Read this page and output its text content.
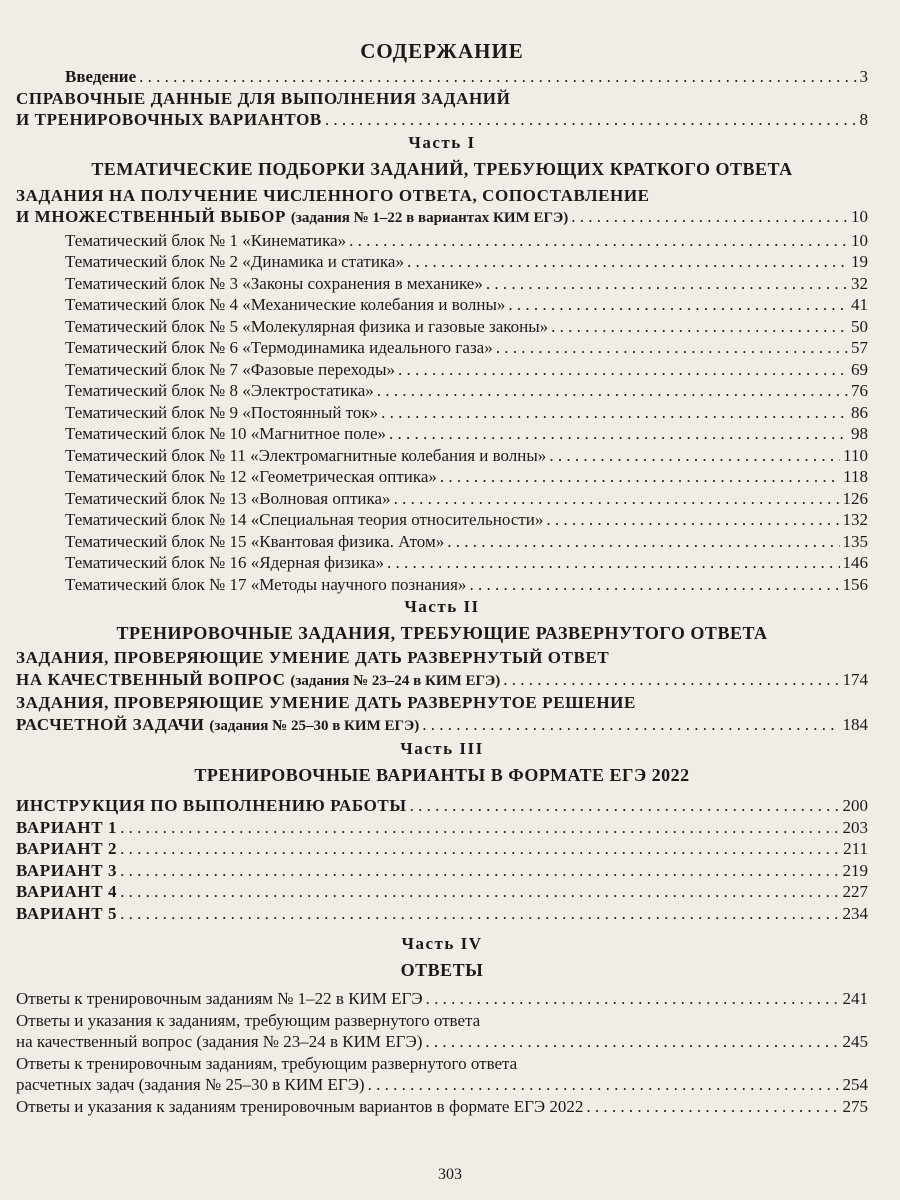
СОДЕРЖАНИЕ
Введение . . .	3
СПРАВОЧНЫЕ ДАННЫЕ ДЛЯ ВЫПОЛНЕНИЯ ЗАДАНИЙ
И ТРЕНИРОВОЧНЫХ ВАРИАНТОВ . . .	8
Часть I
ТЕМАТИЧЕСКИЕ ПОДБОРКИ ЗАДАНИЙ, ТРЕБУЮЩИХ КРАТКОГО ОТВЕТА
ЗАДАНИЯ НА ПОЛУЧЕНИЕ ЧИСЛЕННОГО ОТВЕТА, СОПОСТАВЛЕНИЕ
И МНОЖЕСТВЕННЫЙ ВЫБОР (задания № 1–22 в вариантах КИМ ЕГЭ) . . .	10
Тематический блок № 1 «Кинематика» . . .	10
Тематический блок № 2 «Динамика и статика» . . .	19
Тематический блок № 3 «Законы сохранения в механике» . . .	32
Тематический блок № 4 «Механические колебания и волны» . . .	41
Тематический блок № 5 «Молекулярная физика и газовые законы» . . .	50
Тематический блок № 6 «Термодинамика идеального газа» . . .	57
Тематический блок № 7 «Фазовые переходы» . . .	69
Тематический блок № 8 «Электростатика» . . .	76
Тематический блок № 9 «Постоянный ток» . . .	86
Тематический блок № 10 «Магнитное поле» . . .	98
Тематический блок № 11 «Электромагнитные колебания и волны» . . .	110
Тематический блок № 12 «Геометрическая оптика» . . .	118
Тематический блок № 13 «Волновая оптика» . . .	126
Тематический блок № 14 «Специальная теория относительности» . . .	132
Тематический блок № 15 «Квантовая физика. Атом» . . .	135
Тематический блок № 16 «Ядерная физика» . . .	146
Тематический блок № 17 «Методы научного познания» . . .	156
Часть II
ТРЕНИРОВОЧНЫЕ ЗАДАНИЯ, ТРЕБУЮЩИЕ РАЗВЕРНУТОГО ОТВЕТА
ЗАДАНИЯ, ПРОВЕРЯЮЩИЕ УМЕНИЕ ДАТЬ РАЗВЕРНУТЫЙ ОТВЕТ
НА КАЧЕСТВЕННЫЙ ВОПРОС (задания № 23–24 в КИМ ЕГЭ) . . .	174
ЗАДАНИЯ, ПРОВЕРЯЮЩИЕ УМЕНИЕ ДАТЬ РАЗВЕРНУТОЕ РЕШЕНИЕ
РАСЧЕТНОЙ ЗАДАЧИ (задания № 25–30 в КИМ ЕГЭ) . . .	184
Часть III
ТРЕНИРОВОЧНЫЕ ВАРИАНТЫ В ФОРМАТЕ ЕГЭ 2022
ИНСТРУКЦИЯ ПО ВЫПОЛНЕНИЮ РАБОТЫ . . .	200
ВАРИАНТ 1 . . .	203
ВАРИАНТ 2 . . .	211
ВАРИАНТ 3 . . .	219
ВАРИАНТ 4 . . .	227
ВАРИАНТ 5 . . .	234
Часть IV
ОТВЕТЫ
Ответы к тренировочным заданиям № 1–22 в КИМ ЕГЭ . . .	241
Ответы и указания к заданиям, требующим развернутого ответа
на качественный вопрос (задания № 23–24 в КИМ ЕГЭ) . . .	245
Ответы к тренировочным заданиям, требующим развернутого ответа
расчетных задач (задания № 25–30 в КИМ ЕГЭ) . . .	254
Ответы и указания к заданиям тренировочным вариантов в формате ЕГЭ 2022 . . .	275
303
